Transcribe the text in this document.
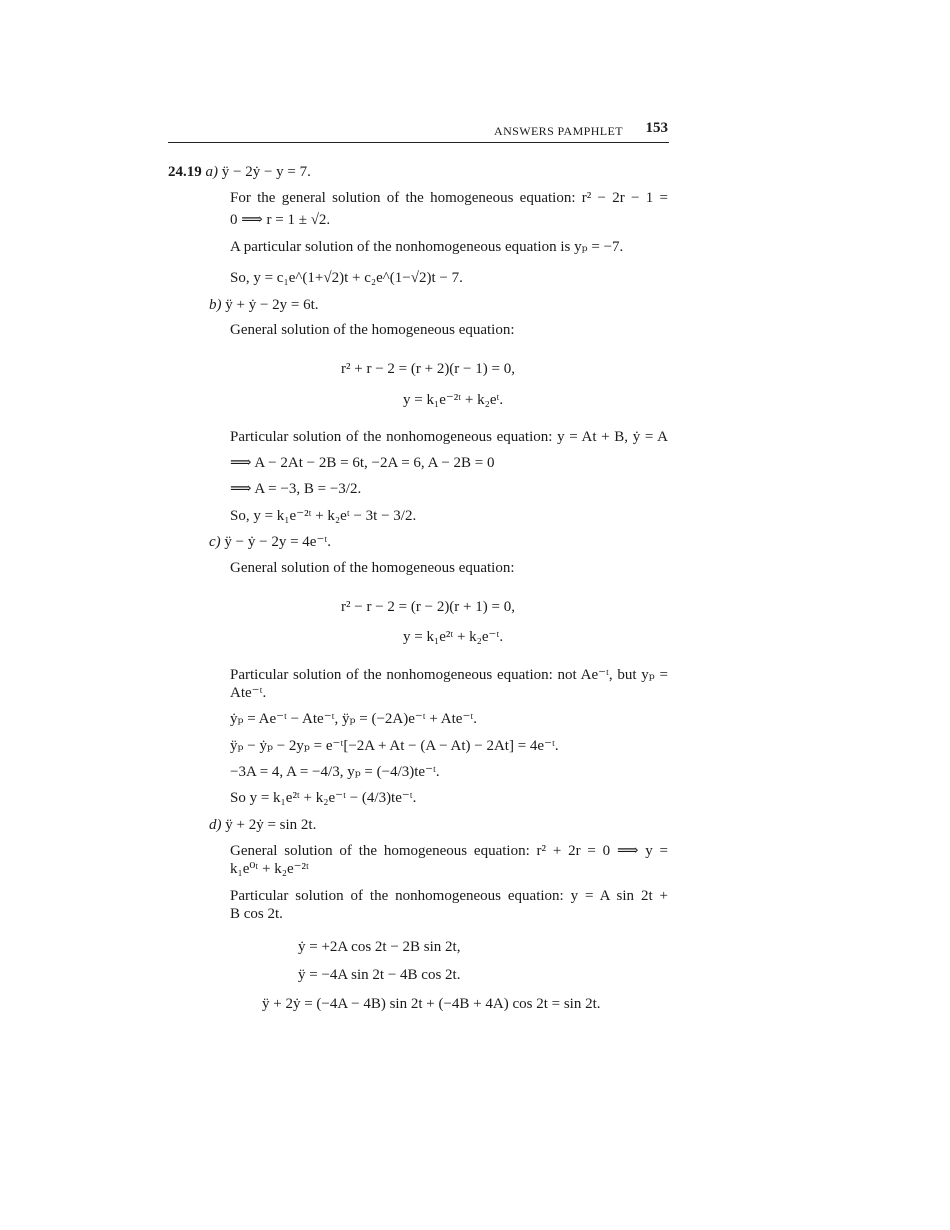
ANSWERS PAMPHLET 153
24.19 a) ÿ − 2ẏ − y = 7.
For the general solution of the homogeneous equation: r² − 2r − 1 =
0 ⟹ r = 1 ± √2.
A particular solution of the nonhomogeneous equation is yₚ = −7.
So, y = c₁e^(1+√2)t + c₂e^(1−√2)t − 7.
b) ÿ + ẏ − 2y = 6t.
General solution of the homogeneous equation:
r² + r − 2 = (r + 2)(r − 1) = 0,
y = k₁e⁻²ᵗ + k₂eᵗ.
Particular solution of the nonhomogeneous equation: y = At + B, ẏ = A
⟹ A − 2At − 2B = 6t, −2A = 6, A − 2B = 0
⟹ A = −3, B = −3/2.
So, y = k₁e⁻²ᵗ + k₂eᵗ − 3t − 3/2.
c) ÿ − ẏ − 2y = 4e⁻ᵗ.
General solution of the homogeneous equation:
r² − r − 2 = (r − 2)(r + 1) = 0,
y = k₁e²ᵗ + k₂e⁻ᵗ.
Particular solution of the nonhomogeneous equation: not Ae⁻ᵗ, but yₚ =
Ate⁻ᵗ.
ẏₚ = Ae⁻ᵗ − Ate⁻ᵗ, ÿₚ = (−2A)e⁻ᵗ + Ate⁻ᵗ.
ÿₚ − ẏₚ − 2yₚ = e⁻ᵗ[−2A + At − (A − At) − 2At] = 4e⁻ᵗ.
−3A = 4, A = −4/3, yₚ = (−4/3)te⁻ᵗ.
So y = k₁e²ᵗ + k₂e⁻ᵗ − (4/3)te⁻ᵗ.
d) ÿ + 2ẏ = sin 2t.
General solution of the homogeneous equation: r² + 2r = 0 ⟹ y =
k₁e⁰ᵗ + k₂e⁻²ᵗ
Particular solution of the nonhomogeneous equation: y = A sin 2t +
B cos 2t.
ẏ = +2A cos 2t − 2B sin 2t,
ÿ = −4A sin 2t − 4B cos 2t.
ÿ + 2ẏ = (−4A − 4B) sin 2t + (−4B + 4A) cos 2t = sin 2t.
